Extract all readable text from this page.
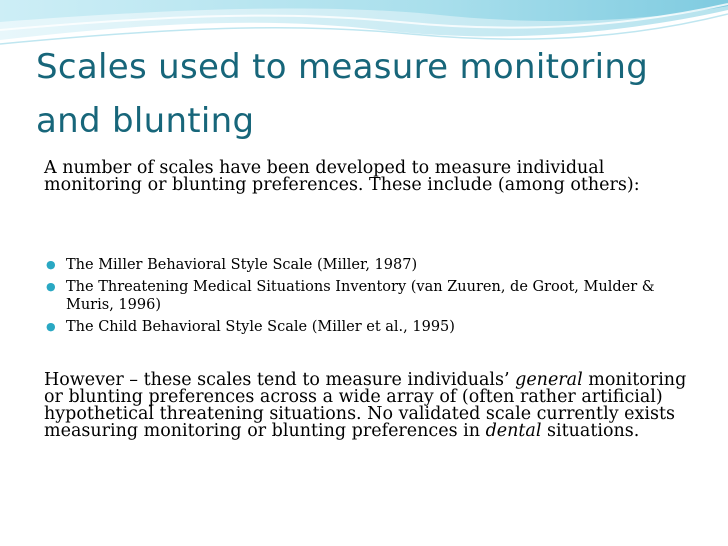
Scales used to measure monitoring and blunting

A number of scales have been developed to measure individual monitoring or blunting preferences. These include (among others):

● The Miller Behavioral Style Scale (Miller, 1987)
● The Threatening Medical Situations Inventory (van Zuuren, de Groot, Mulder & Muris, 1996)
● The Child Behavioral Style Scale (Miller et al., 1995)

However – these scales tend to measure individuals’ general monitoring or blunting preferences across a wide array of (often rather artificial) hypothetical threatening situations. No validated scale currently exists measuring monitoring or blunting preferences in dental situations.
